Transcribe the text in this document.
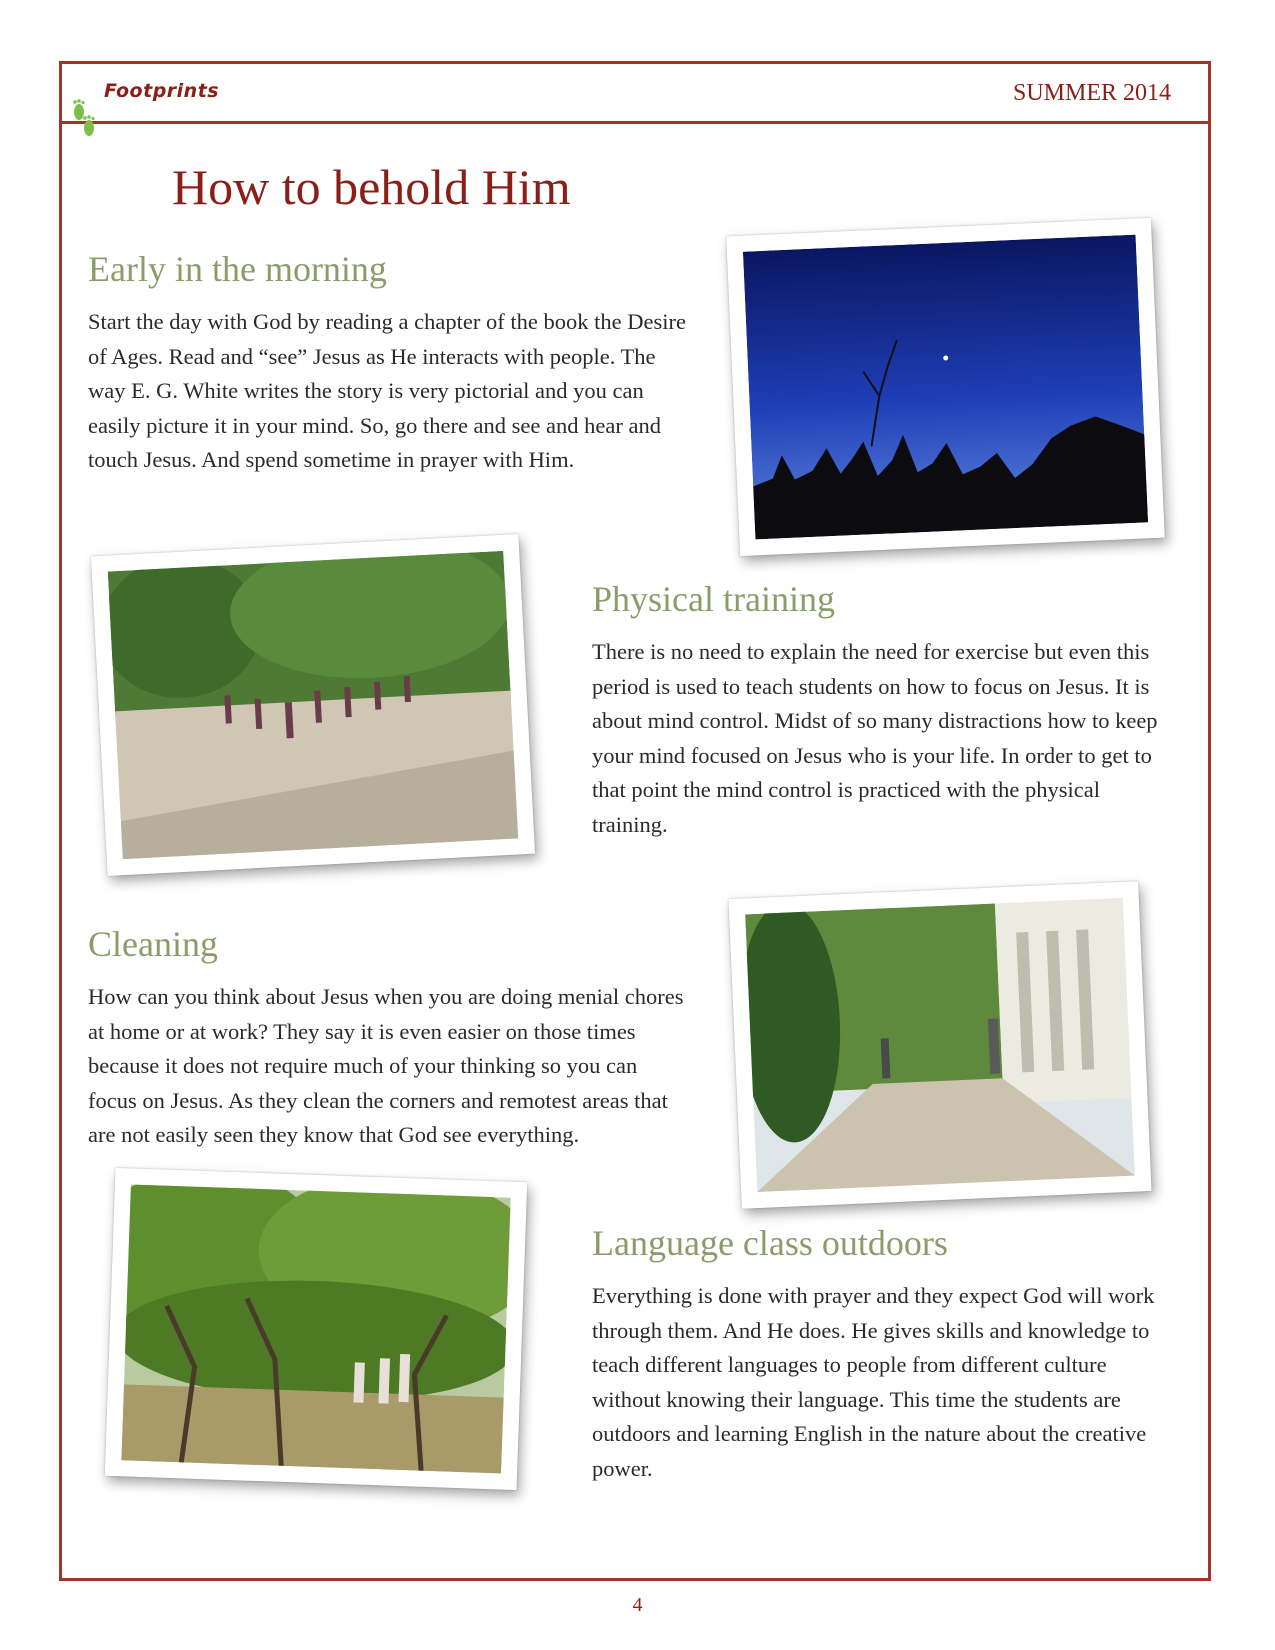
Footprints	SUMMER 2014
How to behold Him
Early in the morning

Start the day with God by reading a chapter of the book the Desire of Ages. Read and “see” Jesus as He interacts with people. The way E. G. White writes the story is very pictorial and you can easily picture it in your mind. So, go there and see and hear and touch Jesus. And spend sometime in prayer with Him.

Physical training

There is no need to explain the need for exercise but even this period is used to teach students on how to focus on Jesus. It is about mind control. Midst of so many distractions how to keep your mind focused on Jesus who is your life. In order to get to that point the mind control is practiced with the physical training.

Cleaning

How can you think about Jesus when you are doing menial chores at home or at work? They say it is even easier on those times because it does not require much of your thinking so you can focus on Jesus. As they clean the corners and remotest areas that are not easily seen they know that God see everything.

Language class outdoors

Everything is done with prayer and they expect God will work through them. And He does. He gives skills and knowledge to teach different languages to people from different culture without knowing their language. This time the students are outdoors and learning English in the nature about the creative power.

4
